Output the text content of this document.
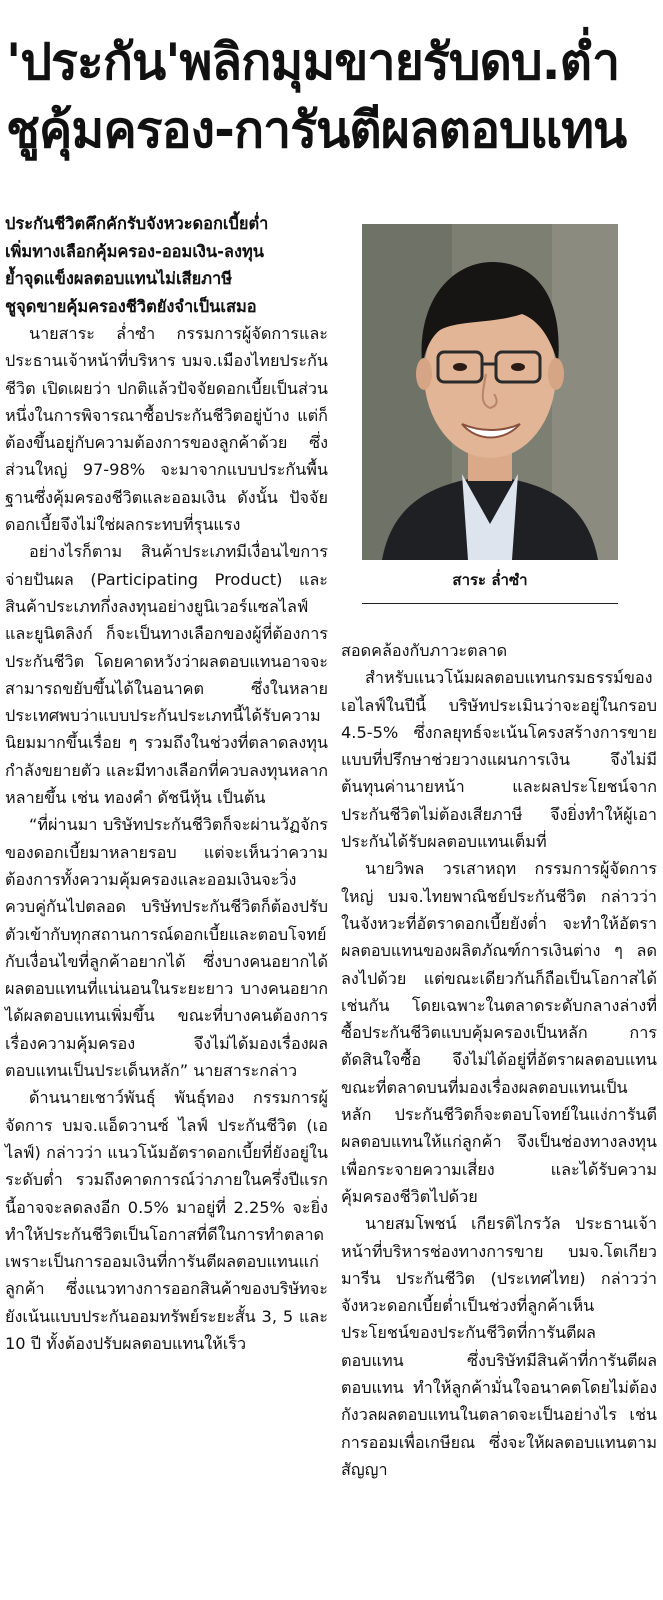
'ประกัน'พลิกมุมขายรับดบ.ต่ำ
ชูคุ้มครอง-การันตีผลตอบแทน
ประกันชีวิตคึกคักรับจังหวะดอกเบี้ยต่ำ
เพิ่มทางเลือกคุ้มครอง-ออมเงิน-ลงทุน
ย้ำจุดแข็งผลตอบแทนไม่เสียภาษี
ชูจุดขายคุ้มครองชีวิตยังจำเป็นเสมอ

นายสาระ ล่ำซำ กรรมการผู้จัดการและประธานเจ้าหน้าที่บริหาร บมจ.เมืองไทยประกันชีวิต เปิดเผยว่า ปกติแล้วปัจจัยดอกเบี้ยเป็นส่วนหนึ่งในการพิจารณาซื้อประกันชีวิตอยู่บ้าง แต่ก็ต้องขึ้นอยู่กับความต้องการของลูกค้าด้วย ซึ่งส่วนใหญ่ 97-98% จะมาจากแบบประกันพื้นฐานซึ่งคุ้มครองชีวิตและออมเงิน ดังนั้น ปัจจัยดอกเบี้ยจึงไม่ใช่ผลกระทบที่รุนแรง

อย่างไรก็ตาม สินค้าประเภทมีเงื่อนไขการจ่ายปันผล (Participating Product) และสินค้าประเภทกึ่งลงทุนอย่างยูนิเวอร์แซลไลฟ์และยูนิตลิงก์ ก็จะเป็นทางเลือกของผู้ที่ต้องการประกันชีวิต โดยคาดหวังว่าผลตอบแทนอาจจะสามารถขยับขึ้นได้ในอนาคต ซึ่งในหลายประเทศพบว่าแบบประกันประเภทนี้ได้รับความนิยมมากขึ้นเรื่อย ๆ รวมถึงในช่วงที่ตลาดลงทุนกำลังขยายตัว และมีทางเลือกที่ควบลงทุนหลากหลายขึ้น เช่น ทองคำ ดัชนีหุ้น เป็นต้น

“ที่ผ่านมา บริษัทประกันชีวิตก็จะผ่านวัฏจักรของดอกเบี้ยมาหลายรอบ แต่จะเห็นว่าความต้องการทั้งความคุ้มครองและออมเงินจะวิ่งควบคู่กันไปตลอด บริษัทประกันชีวิตก็ต้องปรับตัวเข้ากับทุกสถานการณ์ดอกเบี้ยและตอบโจทย์กับเงื่อนไขที่ลูกค้าอยากได้ ซึ่งบางคนอยากได้ผลตอบแทนที่แน่นอนในระยะยาว บางคนอยากได้ผลตอบแทนเพิ่มขึ้น ขณะที่บางคนต้องการเรื่องความคุ้มครอง จึงไม่ได้มองเรื่องผลตอบแทนเป็นประเด็นหลัก” นายสาระกล่าว

ด้านนายเชาว์พันธุ์ พันธุ์ทอง กรรมการผู้จัดการ บมจ.แอ็ดวานซ์ ไลฟ์ ประกันชีวิต (เอไลฟ์) กล่าวว่า แนวโน้มอัตราดอกเบี้ยที่ยังอยู่ในระดับต่ำ รวมถึงคาดการณ์ว่าภายในครึ่งปีแรกนี้อาจจะลดลงอีก 0.5% มาอยู่ที่ 2.25% จะยิ่งทำให้ประกันชีวิตเป็นโอกาสที่ดีในการทำตลาด เพราะเป็นการออมเงินที่การันตีผลตอบแทนแก่ลูกค้า ซึ่งแนวทางการออกสินค้าของบริษัทจะยังเน้นแบบประกันออมทรัพย์ระยะสั้น 3, 5 และ 10 ปี ทั้งต้องปรับผลตอบแทนให้เร็ว

สาระ ล่ำซำ

สอดคล้องกับภาวะตลาด

สำหรับแนวโน้มผลตอบแทนกรมธรรม์ของเอไลฟ์ในปีนี้ บริษัทประเมินว่าจะอยู่ในกรอบ 4.5-5% ซึ่งกลยุทธ์จะเน้นโครงสร้างการขายแบบที่ปรึกษาช่วยวางแผนการเงิน จึงไม่มีต้นทุนค่านายหน้า และผลประโยชน์จากประกันชีวิตไม่ต้องเสียภาษี จึงยิ่งทำให้ผู้เอาประกันได้รับผลตอบแทนเต็มที่

นายวิพล วรเสาหฤท กรรมการผู้จัดการใหญ่ บมจ.ไทยพาณิชย์ประกันชีวิต กล่าวว่า ในจังหวะที่อัตราดอกเบี้ยยังต่ำ จะทำให้อัตราผลตอบแทนของผลิตภัณฑ์การเงินต่าง ๆ ลดลงไปด้วย แต่ขณะเดียวกันก็ถือเป็นโอกาสได้เช่นกัน โดยเฉพาะในตลาดระดับกลางล่างที่ซื้อประกันชีวิตแบบคุ้มครองเป็นหลัก การตัดสินใจซื้อ จึงไม่ได้อยู่ที่อัตราผลตอบแทน ขณะที่ตลาดบนที่มองเรื่องผลตอบแทนเป็นหลัก ประกันชีวิตก็จะตอบโจทย์ในแง่การันตีผลตอบแทนให้แก่ลูกค้า จึงเป็นช่องทางลงทุนเพื่อกระจายความเสี่ยง และได้รับความคุ้มครองชีวิตไปด้วย

นายสมโพชน์ เกียรติไกรวัล ประธานเจ้าหน้าที่บริหารช่องทางการขาย บมจ.โตเกียวมารีน ประกันชีวิต (ประเทศไทย) กล่าวว่า จังหวะดอกเบี้ยต่ำเป็นช่วงที่ลูกค้าเห็นประโยชน์ของประกันชีวิตที่การันตีผลตอบแทน ซึ่งบริษัทมีสินค้าที่การันตีผลตอบแทน ทำให้ลูกค้ามั่นใจอนาคตโดยไม่ต้องกังวลผลตอบแทนในตลาดจะเป็นอย่างไร เช่น การออมเพื่อเกษียณ ซึ่งจะให้ผลตอบแทนตามสัญญา
